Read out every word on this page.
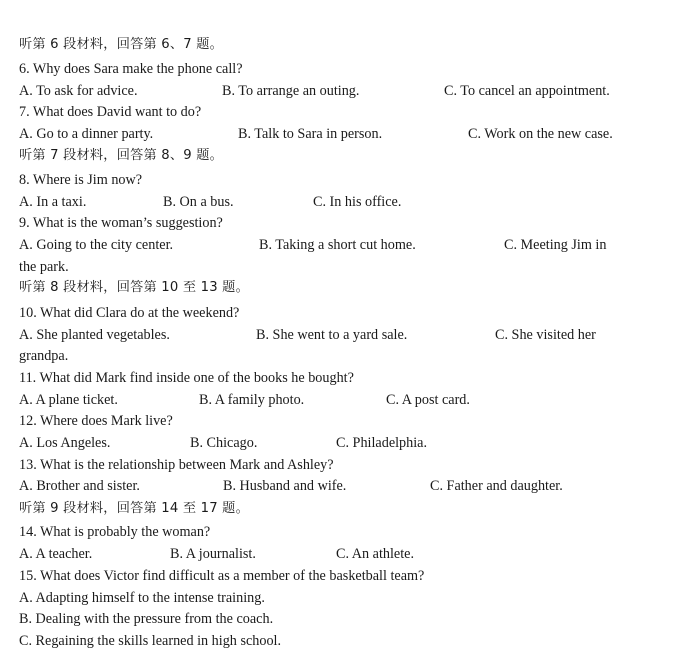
听第 6 段材料，回答第 6、7 题。
6. Why does Sara make the phone call?
A. To ask for advice.	B. To arrange an outing.	C. To cancel an appointment.
7. What does David want to do?
A. Go to a dinner party.	B. Talk to Sara in person.	C. Work on the new case.
听第 7 段材料，回答第 8、9 题。
8. Where is Jim now?
A. In a taxi.	B. On a bus.	C. In his office.
9. What is the woman’s suggestion?
A. Going to the city center.	B. Taking a short cut home.	C. Meeting Jim in
the park.
听第 8 段材料，回答第 10 至 13 题。
10. What did Clara do at the weekend?
A. She planted vegetables.	B. She went to a yard sale.	C. She visited her
grandpa.
11. What did Mark find inside one of the books he bought?
A. A plane ticket.	B. A family photo.	C. A post card.
12. Where does Mark live?
A. Los Angeles.	B. Chicago.	C. Philadelphia.
13. What is the relationship between Mark and Ashley?
A. Brother and sister.	B. Husband and wife.	C. Father and daughter.
听第 9 段材料，回答第 14 至 17 题。
14. What is probably the woman?
A. A teacher.	B. A journalist.	C. An athlete.
15. What does Victor find difficult as a member of the basketball team?
A. Adapting himself to the intense training.
B. Dealing with the pressure from the coach.
C. Regaining the skills learned in high school.
